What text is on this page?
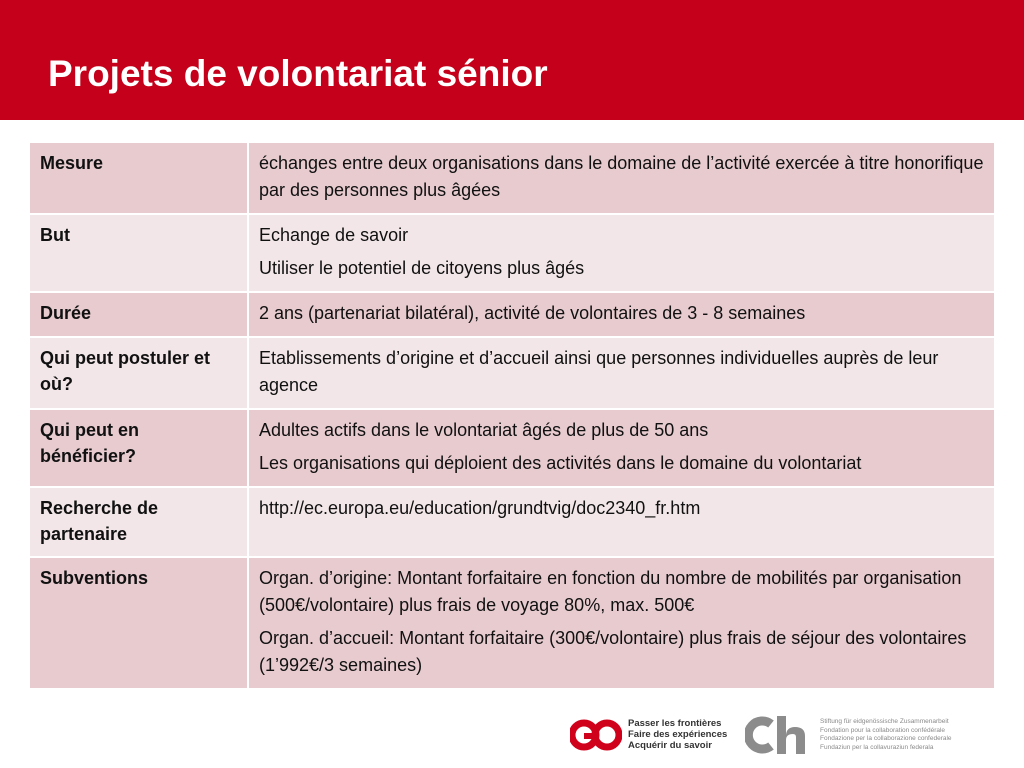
Projets de volontariat sénior
Mesure	échanges entre deux organisations dans le domaine de l’activité exercée à titre honorifique par des personnes plus âgées

But	Echange de savoir
Utiliser le potentiel de citoyens plus âgés

Durée	2 ans (partenariat bilatéral), activité de volontaires de 3 - 8 semaines

Qui peut postuler et où?	Etablissements d’origine et d’accueil ainsi que personnes individuelles auprès de leur agence

Qui peut en bénéficier?	Adultes actifs dans le volontariat âgés de plus de 50 ans
Les organisations qui déploient des activités dans le domaine du volontariat

Recherche de partenaire	http://ec.europa.eu/education/grundtvig/doc2340_fr.htm

Subventions	Organ. d’origine: Montant forfaitaire en fonction du nombre de mobilités par organisation (500€/volontaire) plus frais de voyage 80%, max. 500€
Organ. d’accueil: Montant forfaitaire (300€/volontaire) plus frais de séjour des volontaires (1’992€/3 semaines)
Passer les frontières
Faire des expériences
Acquérir du savoir
Stiftung für eidgenössische Zusammenarbeit
Fondation pour la collaboration confédérale
Fondazione per la collaborazione confederale
Fundaziun per la collavuraziun federala
